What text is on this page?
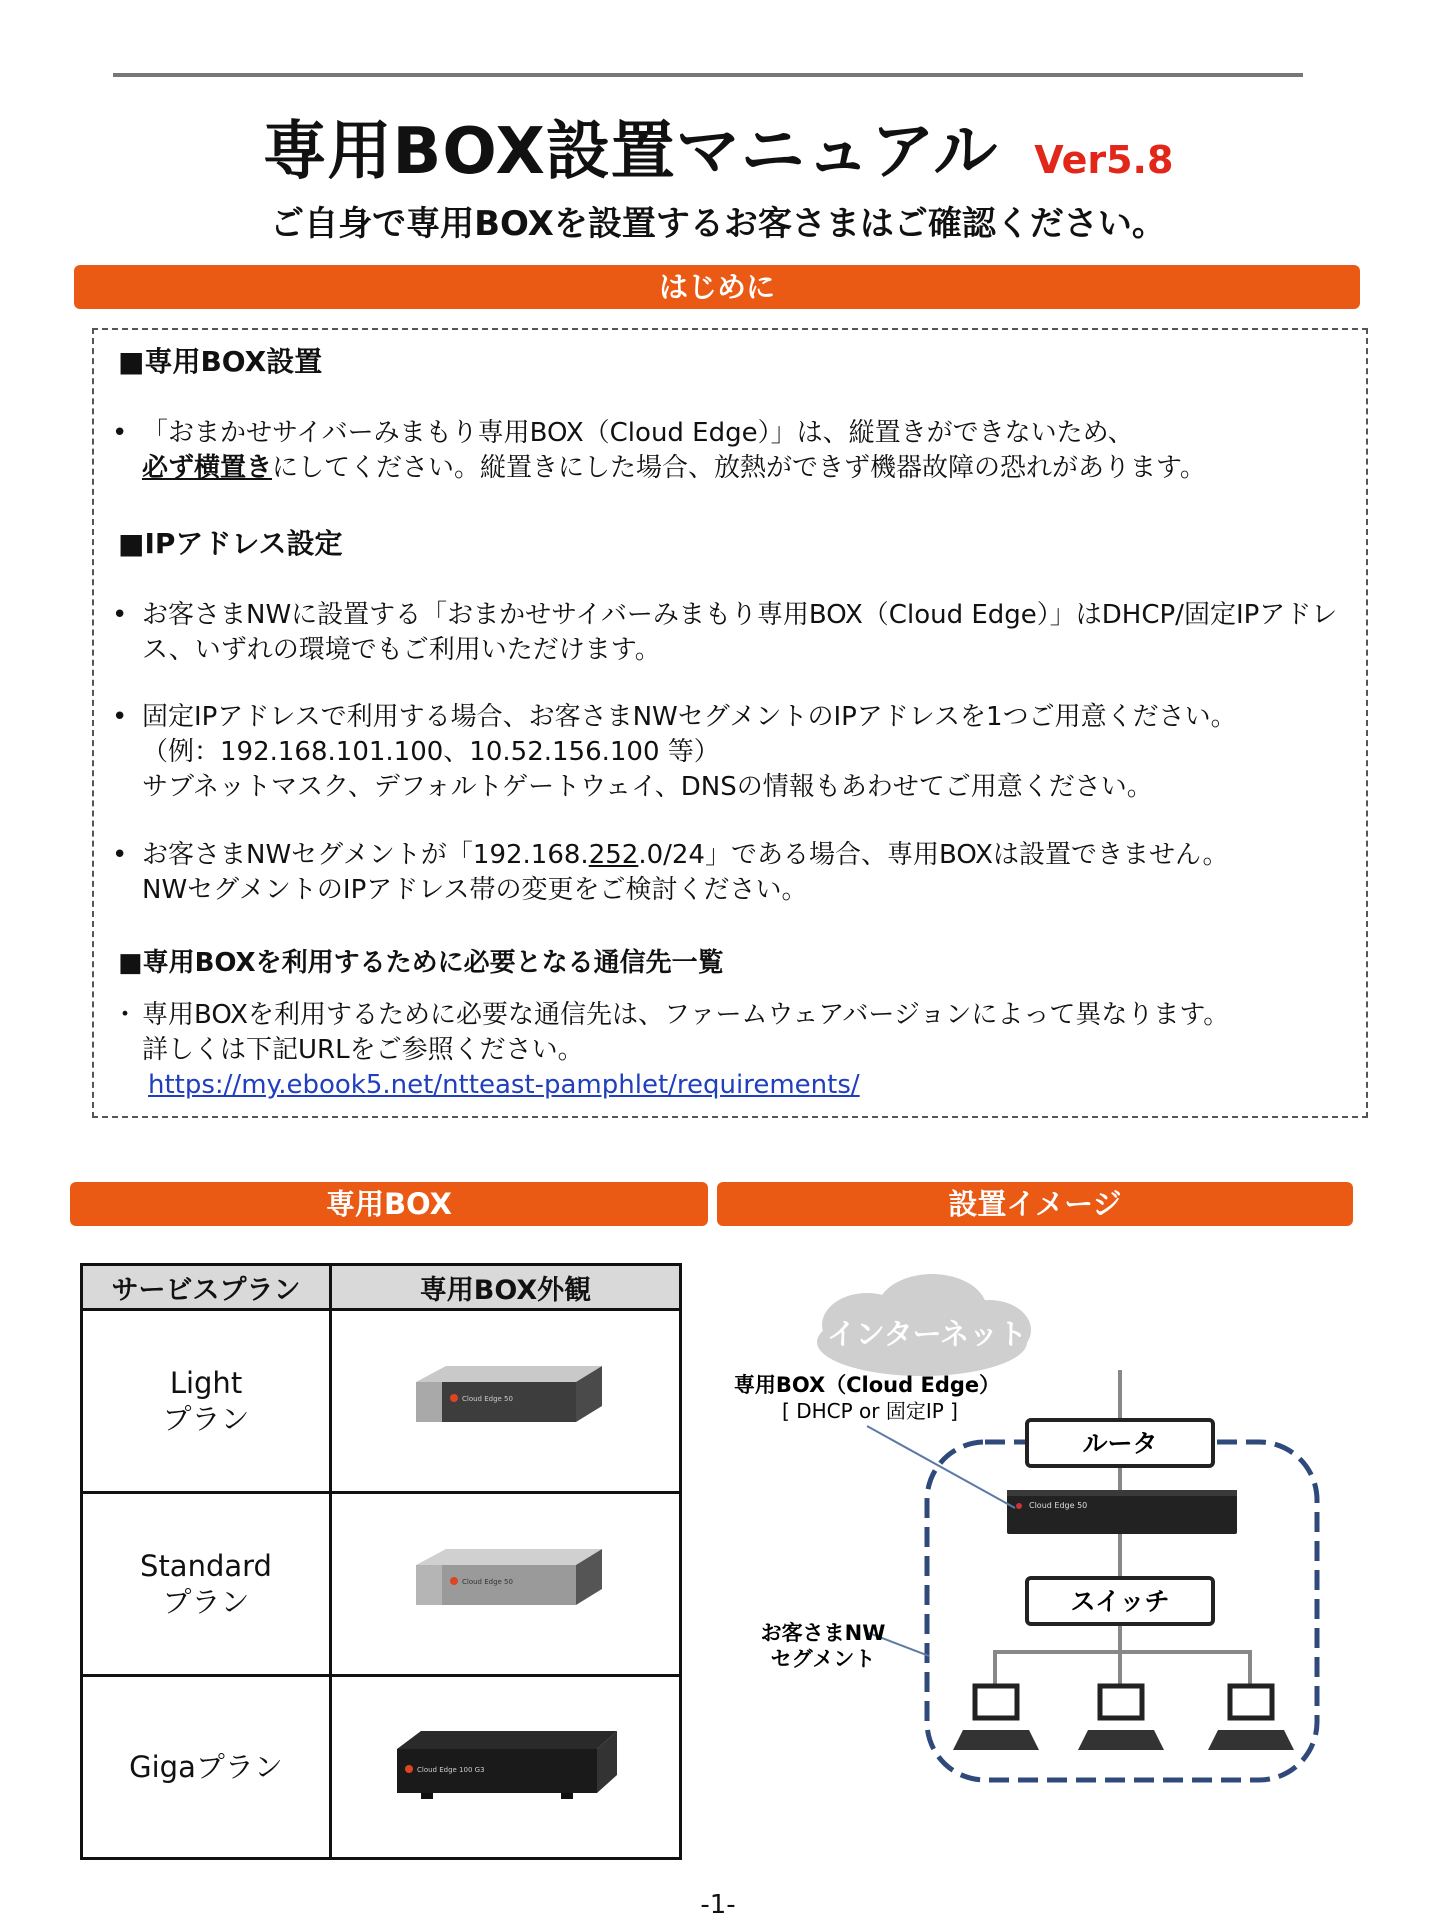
専用BOX設置マニュアル Ver5.8
ご自身で専用BOXを設置するお客さまはご確認ください。
はじめに
■専用BOX設置
• 「おまかせサイバーみまもり専用BOX（Cloud Edge）」は、縦置きができないため、
必ず横置きにしてください。縦置きにした場合、放熱ができず機器故障の恐れがあります。
■IPアドレス設定
• お客さまNWに設置する「おまかせサイバーみまもり専用BOX（Cloud Edge）」はDHCP/固定IPアドレ
ス、いずれの環境でもご利用いただけます。
• 固定IPアドレスで利用する場合、お客さまNWセグメントのIPアドレスを1つご用意ください。
（例：192.168.101.100、10.52.156.100 等）
サブネットマスク、デフォルトゲートウェイ、DNSの情報もあわせてご用意ください。
• お客さまNWセグメントが「192.168.252.0/24」である場合、専用BOXは設置できません。
NWセグメントのIPアドレス帯の変更をご検討ください。
■専用BOXを利用するために必要となる通信先一覧
・ 専用BOXを利用するために必要な通信先は、ファームウェアバージョンによって異なります。
詳しくは下記URLをご参照ください。
https://my.ebook5.net/ntteast-pamphlet/requirements/
専用BOX	設置イメージ
サービスプラン	専用BOX外観

Light
プラン	Cloud Edge 50

Standard
プラン	Cloud Edge 50

Gigaプラン	Cloud Edge 100 G3
インターネット
ルータ
Cloud Edge 50
スイッチ
専用BOX（Cloud Edge）
[ DHCP or 固定IP ]
お客さまNW
セグメント
-1-
